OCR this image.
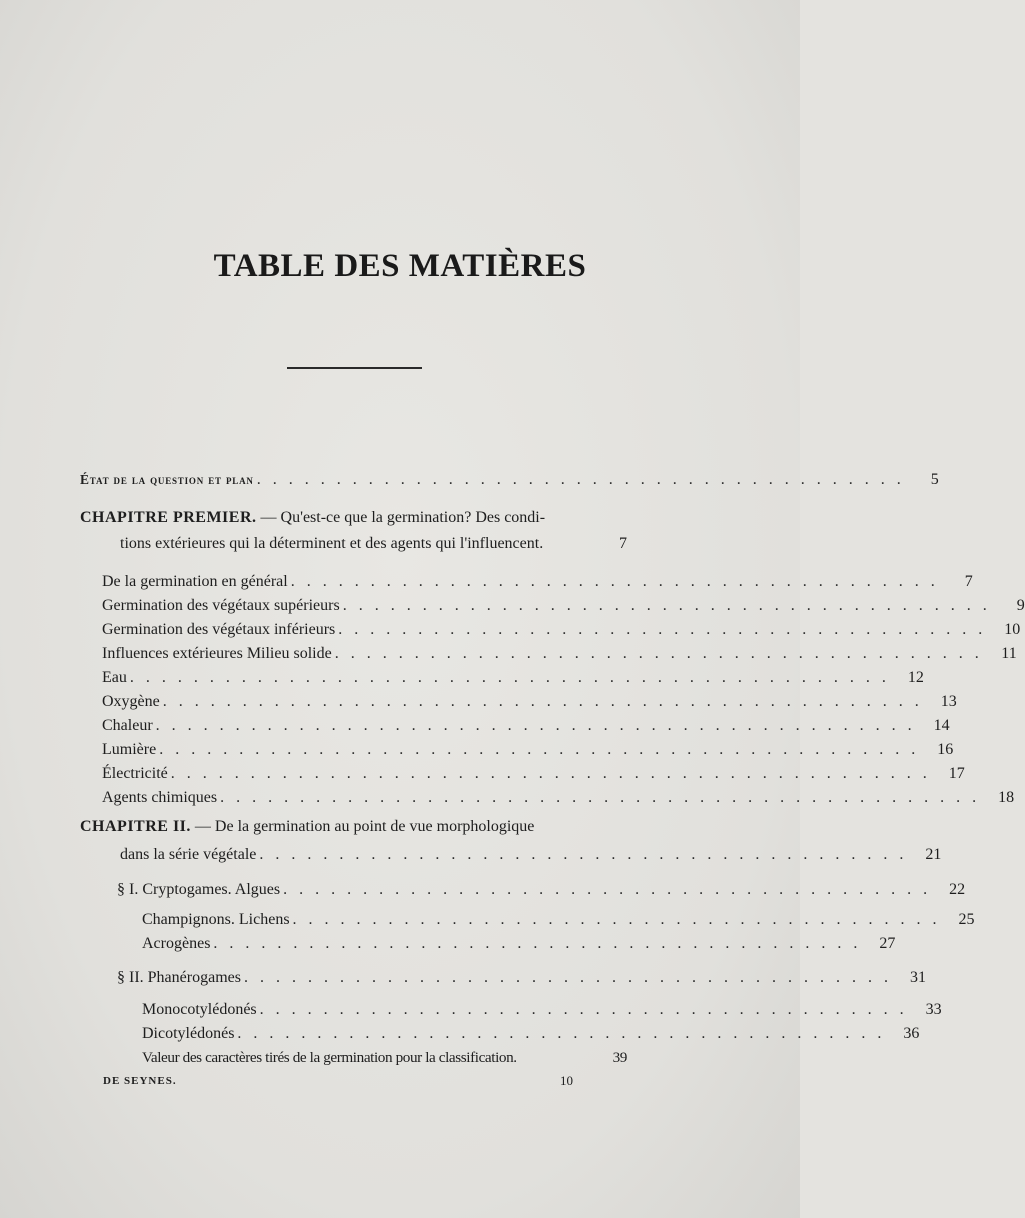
TABLE DES MATIÈRES
État de la question et plan . . . . . . . . . . . . . . . . . . . . . . . . . . . . . . . . . . . . . . . . .	5
CHAPITRE PREMIER. — Qu'est-ce que la germination? Des condi-
tions extérieures qui la déterminent et des agents qui l'influencent.	7
De la germination en général . . . . . . . . . . . . . . . . . . . . . . . . . . . . . . . . . . . . . . . . .	7
Germination des végétaux supérieurs . . . . . . . . . . . . . . . . . . . . . . . . . . . . . . . . . . . . . . . . .	9
Germination des végétaux inférieurs . . . . . . . . . . . . . . . . . . . . . . . . . . . . . . . . . . . . . . . . .	10
Influences extérieures Milieu solide . . . . . . . . . . . . . . . . . . . . . . . . . . . . . . . . . . . . . . . . .	11
Eau . . . . . . . . . . . . . . . . . . . . . . . . . . . . . . . . . . . . . . . . . . . . . . . .	12
Oxygène . . . . . . . . . . . . . . . . . . . . . . . . . . . . . . . . . . . . . . . . . . . . . . . .	13
Chaleur . . . . . . . . . . . . . . . . . . . . . . . . . . . . . . . . . . . . . . . . . . . . . . . .	14
Lumière . . . . . . . . . . . . . . . . . . . . . . . . . . . . . . . . . . . . . . . . . . . . . . . .	16
Électricité . . . . . . . . . . . . . . . . . . . . . . . . . . . . . . . . . . . . . . . . . . . . . . . .	17
Agents chimiques . . . . . . . . . . . . . . . . . . . . . . . . . . . . . . . . . . . . . . . . . . . . . . . .	18
CHAPITRE II. — De la germination au point de vue morphologique
dans la série végétale . . . . . . . . . . . . . . . . . . . . . . . . . . . . . . . . . . . . . . . . .	21
§ I. Cryptogames. Algues . . . . . . . . . . . . . . . . . . . . . . . . . . . . . . . . . . . . . . . . .	22
Champignons. Lichens . . . . . . . . . . . . . . . . . . . . . . . . . . . . . . . . . . . . . . . . .	25
Acrogènes . . . . . . . . . . . . . . . . . . . . . . . . . . . . . . . . . . . . . . . . .	27
§ II. Phanérogames . . . . . . . . . . . . . . . . . . . . . . . . . . . . . . . . . . . . . . . . .	31
Monocotylédonés . . . . . . . . . . . . . . . . . . . . . . . . . . . . . . . . . . . . . . . . .	33
Dicotylédonés . . . . . . . . . . . . . . . . . . . . . . . . . . . . . . . . . . . . . . . . .	36
Valeur des caractères tirés de la germination pour la classification.	39
DE SEYNES.	10
